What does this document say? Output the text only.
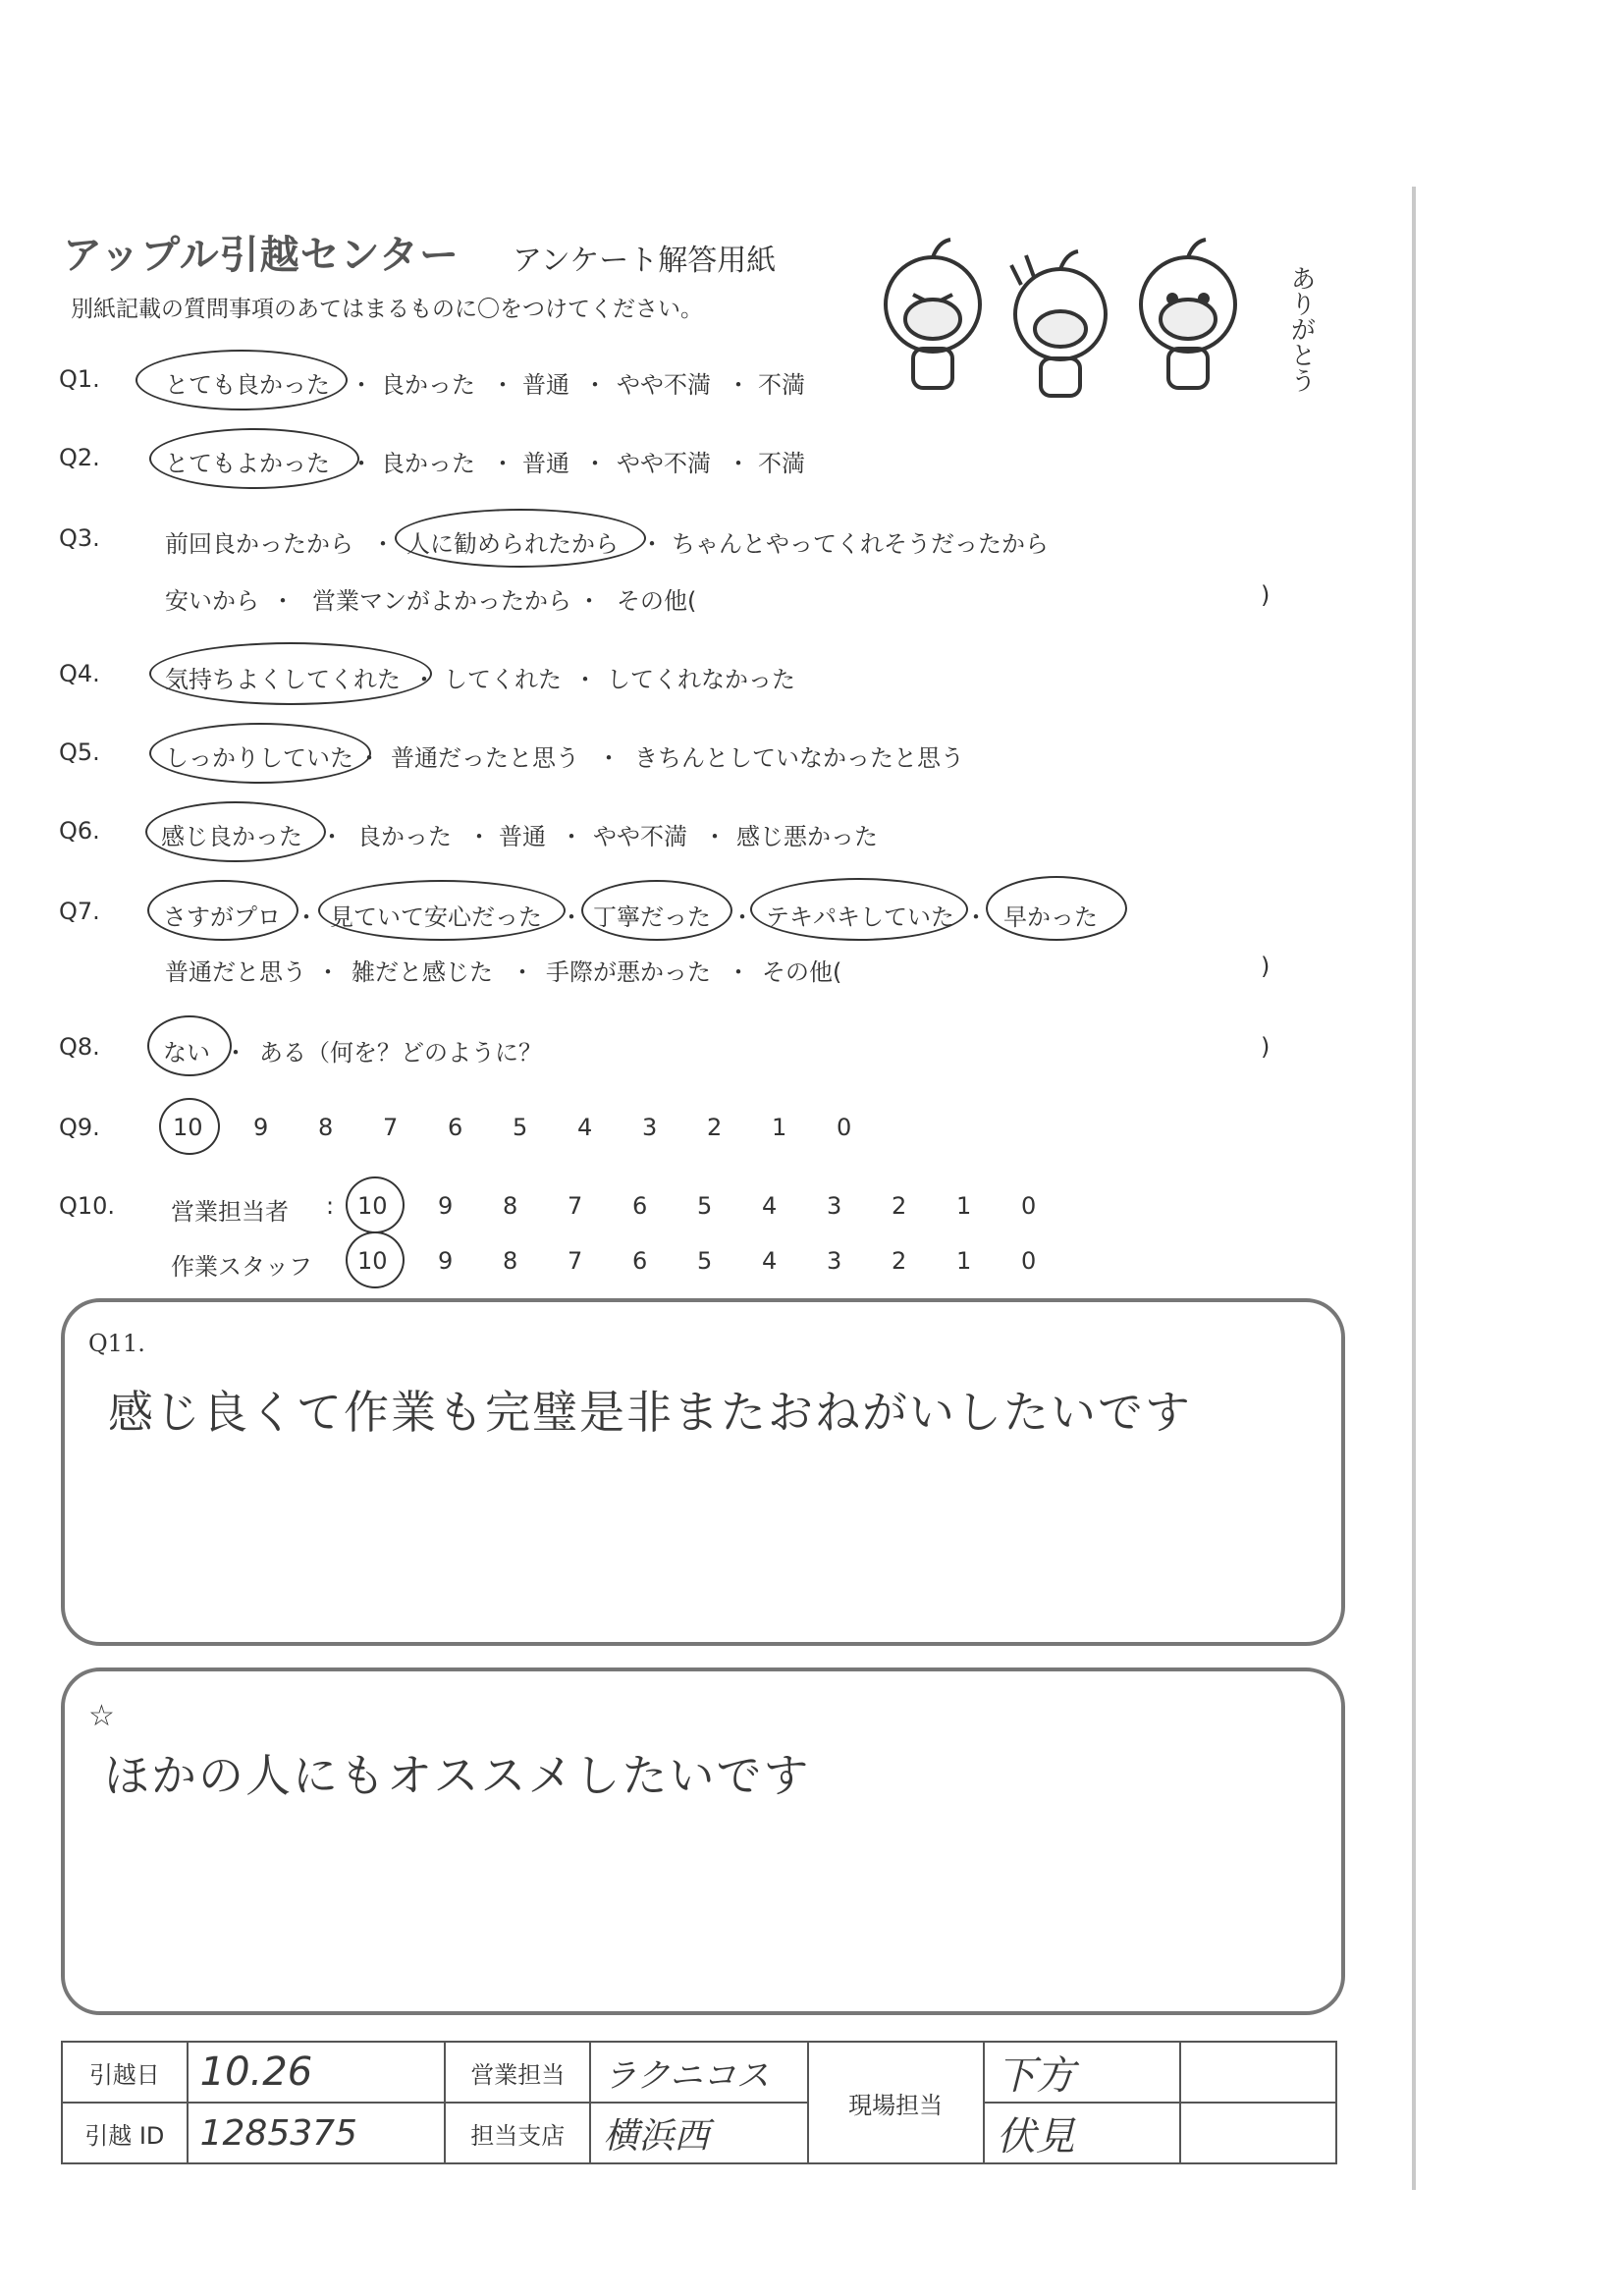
アップル引越センター アンケート解答用紙
別紙記載の質問事項のあてはまるものに〇をつけてください。	ありがとう
Q1.	とても良かった ・ 良かった ・ 普通 ・ やや不満 ・ 不満
Q2.	とてもよかった ・ 良かった ・ 普通 ・ やや不満 ・ 不満
Q3.	前回良かったから ・ 人に勧められたから ・ ちゃんとやってくれそうだったから
安いから ・ 営業マンがよかったから ・ その他(	)
Q4.	気持ちよくしてくれた ・ してくれた ・ してくれなかった
Q5.	しっかりしていた ・ 普通だったと思う ・ きちんとしていなかったと思う
Q6.	感じ良かった ・ 良かった ・ 普通 ・ やや不満 ・ 感じ悪かった
Q7.	さすがプロ ・ 見ていて安心だった ・ 丁寧だった ・ テキパキしていた ・ 早かった
普通だと思う ・ 雑だと感じた ・ 手際が悪かった ・ その他(	)
Q8.	ない ・ ある（何を？どのように？	)
Q9.	10 9 8 7 6 5 4 3 2 1 0
Q10. 営業担当者 : 10 9 8 7 6 5 4 3 2 1 0
作業スタッフ 10 9 8 7 6 5 4 3 2 1 0
Q11.
感じ良くて作業も完璧是非またおねがいしたいです
☆
ほかの人にもオススメしたいです
引越日	10.26	営業担当	ラクニコス	現場担当	下方	
引越 ID	1285375	担当支店	横浜西		伏見	
